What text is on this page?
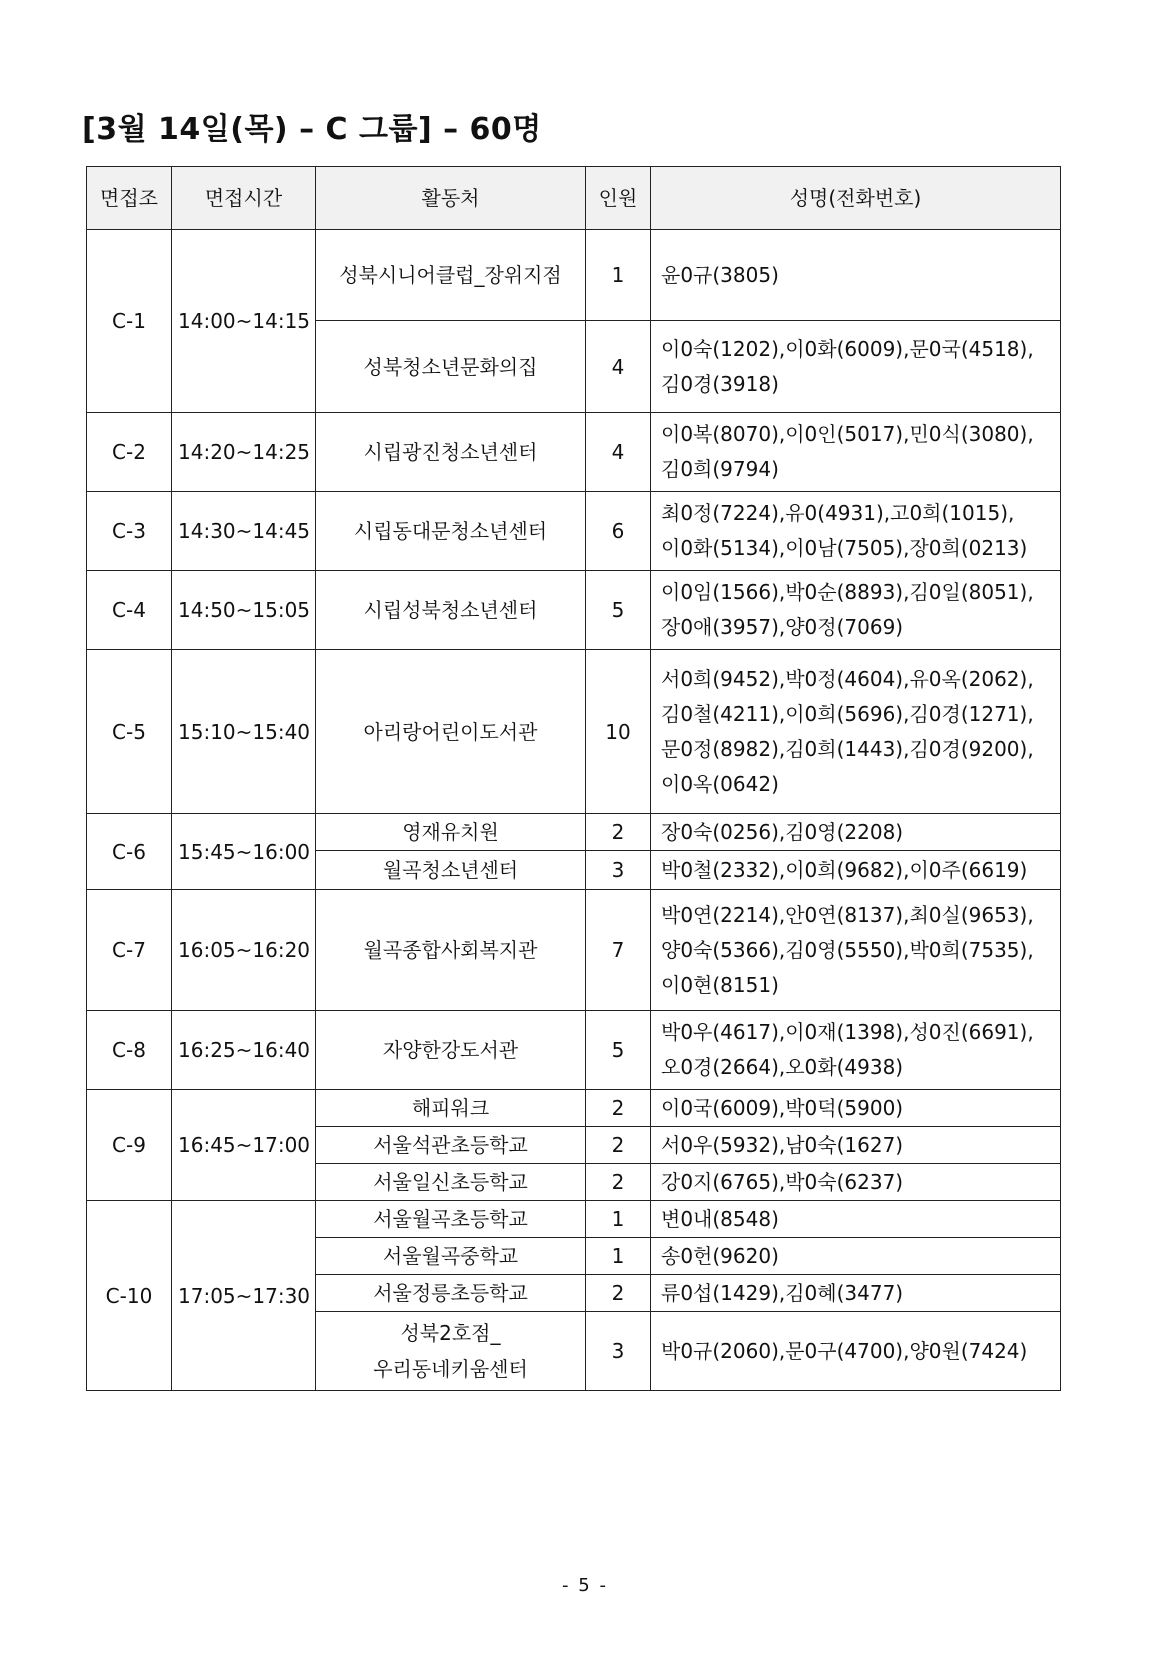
[3월 14일(목) – C 그룹] – 60명
면접조	면접시간	활동처	인원	성명(전화번호)
C-1	14:00~14:15	성북시니어클럽_장위지점	1	윤0규(3805)
		성북청소년문화의집	4	이0숙(1202),이0화(6009),문0국(4518),
김0경(3918)
C-2	14:20~14:25	시립광진청소년센터	4	이0복(8070),이0인(5017),민0식(3080),
김0희(9794)
C-3	14:30~14:45	시립동대문청소년센터	6	최0정(7224),유0(4931),고0희(1015),
이0화(5134),이0남(7505),장0희(0213)
C-4	14:50~15:05	시립성북청소년센터	5	이0임(1566),박0순(8893),김0일(8051),
장0애(3957),양0정(7069)
C-5	15:10~15:40	아리랑어린이도서관	10	서0희(9452),박0정(4604),유0옥(2062),
김0철(4211),이0희(5696),김0경(1271),
문0정(8982),김0희(1443),김0경(9200),
이0옥(0642)
C-6	15:45~16:00	영재유치원	2	장0숙(0256),김0영(2208)
		월곡청소년센터	3	박0철(2332),이0희(9682),이0주(6619)
C-7	16:05~16:20	월곡종합사회복지관	7	박0연(2214),안0연(8137),최0실(9653),
양0숙(5366),김0영(5550),박0희(7535),
이0현(8151)
C-8	16:25~16:40	자양한강도서관	5	박0우(4617),이0재(1398),성0진(6691),
오0경(2664),오0화(4938)
C-9	16:45~17:00	해피워크	2	이0국(6009),박0덕(5900)
		서울석관초등학교	2	서0우(5932),남0숙(1627)
		서울일신초등학교	2	강0지(6765),박0숙(6237)
C-10	17:05~17:30	서울월곡초등학교	1	변0내(8548)
		서울월곡중학교	1	송0헌(9620)
		서울정릉초등학교	2	류0섭(1429),김0혜(3477)
		성북2호점_
우리동네키움센터	3	박0규(2060),문0구(4700),양0원(7424)
- 5 -
